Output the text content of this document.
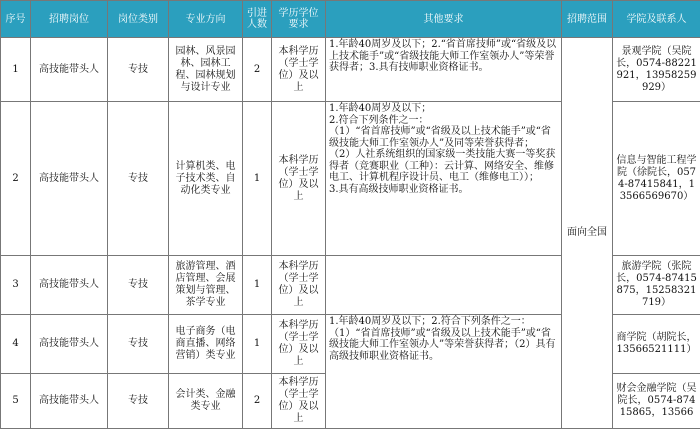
序号	招聘岗位	岗位类别	专业方向	引进人数	学历学位要求	其他要求	招聘范围	学院及联系人
1	高技能带头人	专技	园林、风景园林、园林工程、园林规划与设计专业	2	本科学历（学士学位）及以上	1.年龄40周岁及以下；2.“省首席技师”或“省级及以上技术能手”或“省级技能大师工作室领办人”等荣誉获得者；3.具有技师职业资格证书。	面向全国	景观学院（吴院长，0574-88221921，13958259929）
2	高技能带头人	专技	计算机类、电子技术类、自动化类专业	1	本科学历（学士学位）及以上	1.年龄40周岁及以下；
2.符合下列条件之一：
（1）“省首席技师”或“省级及以上技术能手”或“省级技能大师工作室领办人”及同等荣誉获得者；
（2）人社系统组织的国家级一类技能大赛一等奖获得者（竞赛职业（工种）：云计算、网络安全、维修电工、计算机程序设计员、电工（维修电工））；
3.具有高级技师职业资格证书。		信息与智能工程学院（徐院长，0574-87415841，13566569670）
3	高技能带头人	专技	旅游管理、酒店管理、会展策划与管理、茶学专业	1	本科学历（学士学位）及以上			旅游学院（张院长，0574-87415875，15258321719）
4	高技能带头人	专技	电子商务（电商直播、网络营销）类专业	1	本科学历（学士学位）及以上	1.年龄40周岁及以下；2.符合下列条件之一：（1）“省首席技师”或“省级及以上技术能手”或“省级技能大师工作室领办人”等荣誉获得者；（2）具有高级技师职业资格证书。		商学院（胡院长，13566521111）
5	高技能带头人	专技	会计类、金融类专业	2	本科学历（学士学位）及以上			财会金融学院（吴院长，0574-87415865，13566
